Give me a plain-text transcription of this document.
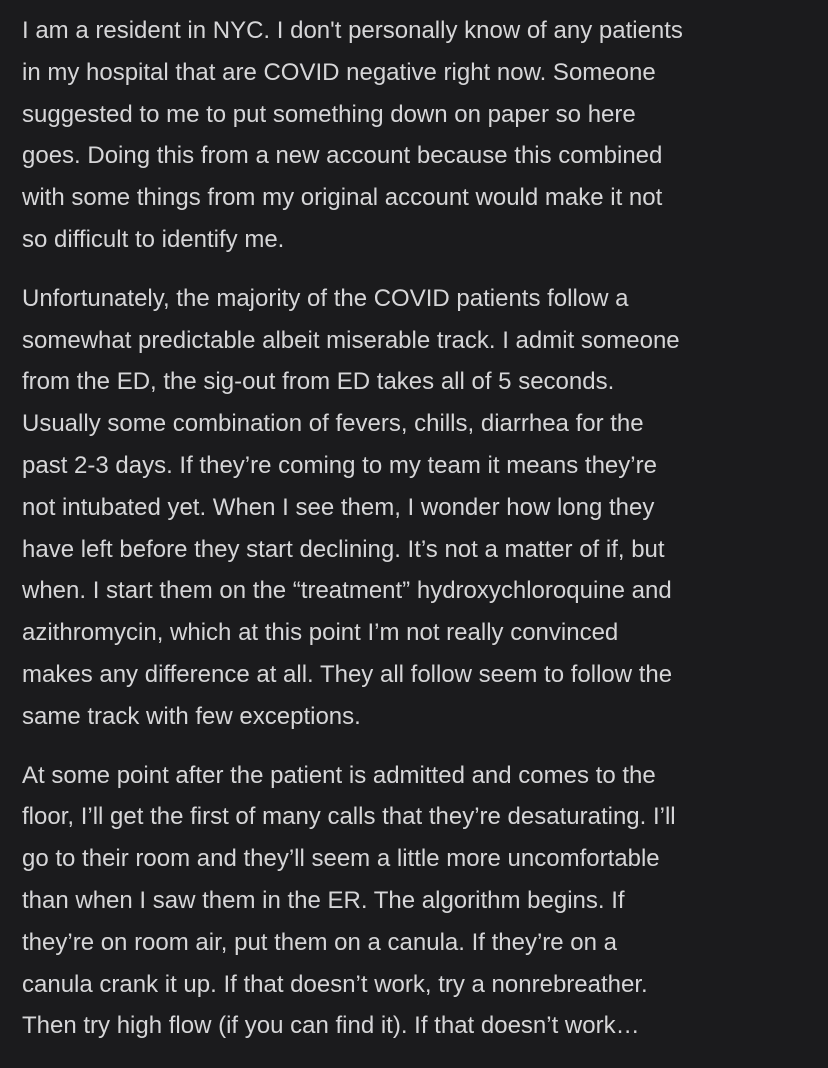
I am a resident in NYC. I don't personally know of any patients
in my hospital that are COVID negative right now. Someone
suggested to me to put something down on paper so here
goes. Doing this from a new account because this combined
with some things from my original account would make it not
so difficult to identify me.

Unfortunately, the majority of the COVID patients follow a
somewhat predictable albeit miserable track. I admit someone
from the ED, the sig-out from ED takes all of 5 seconds.
Usually some combination of fevers, chills, diarrhea for the
past 2-3 days. If they’re coming to my team it means they’re
not intubated yet. When I see them, I wonder how long they
have left before they start declining. It’s not a matter of if, but
when. I start them on the “treatment” hydroxychloroquine and
azithromycin, which at this point I’m not really convinced
makes any difference at all. They all follow seem to follow the
same track with few exceptions.

At some point after the patient is admitted and comes to the
floor, I’ll get the first of many calls that they’re desaturating. I’ll
go to their room and they’ll seem a little more uncomfortable
than when I saw them in the ER. The algorithm begins. If
they’re on room air, put them on a canula. If they’re on a
canula crank it up. If that doesn’t work, try a nonrebreather.
Then try high flow (if you can find it). If that doesn’t work…
